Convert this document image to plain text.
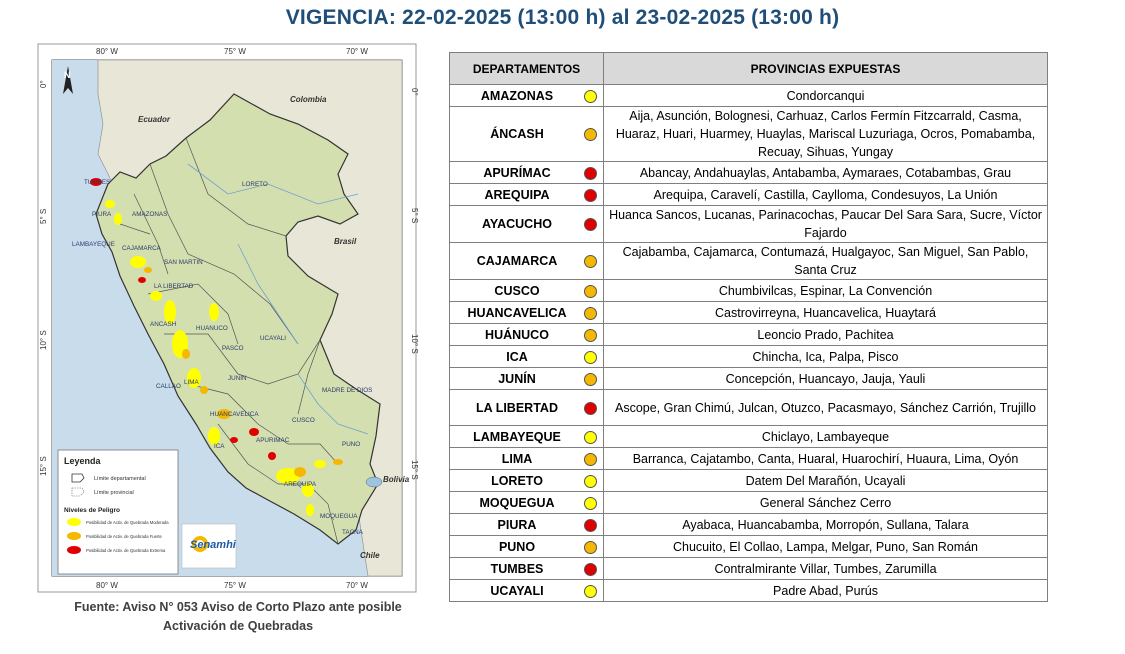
VIGENCIA: 22-02-2025 (13:00 h) al 23-02-2025 (13:00 h)
80° W	75° W	70° W
80° W	75° W	70° W
0°
5° S
10° S
15° S
0°
5° S
10° S
15° S
N
Colombia
Ecuador
Brasil
Bolivia
Chile
TUMBES
PIURA	AMAZONAS
LAMBAYEQUE
CAJAMARCA
SAN MARTIN
LA LIBERTAD
LORETO
ANCASH
HUANUCO
UCAYALI
PASCO
CALLAO
LIMA
JUNIN
MADRE DE DIOS
HUANCAVELICA
CUSCO
ICA
APURIMAC
PUNO
AREQUIPA
MOQUEGUA
TACNA
Leyenda
Límite departamental
Límite provincial
Niveles de Peligro
Posibilidad de Activ. de Quebrada Moderada
Posibilidad de Activ. de Quebrada Fuerte
Posibilidad de Activ. de Quebrada Extrema Senamhi
Fuente: Aviso N° 053 Aviso de Corto Plazo ante posible
Activación de Quebradas
DEPARTAMENTOS	PROVINCIAS EXPUESTAS
AMAZONAS	Condorcanqui
ÁNCASH	Aija, Asunción, Bolognesi, Carhuaz, Carlos Fermín Fitzcarrald, Casma, Huaraz, Huari, Huarmey, Huaylas, Mariscal Luzuriaga, Ocros, Pomabamba, Recuay, Sihuas, Yungay
APURÍMAC	Abancay, Andahuaylas, Antabamba, Aymaraes, Cotabambas, Grau
AREQUIPA	Arequipa, Caravelí, Castilla, Caylloma, Condesuyos, La Unión
AYACUCHO	Huanca Sancos, Lucanas, Parinacochas, Paucar Del Sara Sara, Sucre, Víctor Fajardo
CAJAMARCA	Cajabamba, Cajamarca, Contumazá, Hualgayoc, San Miguel, San Pablo, Santa Cruz
CUSCO	Chumbivilcas, Espinar, La Convención
HUANCAVELICA	Castrovirreyna, Huancavelica, Huaytará
HUÁNUCO	Leoncio Prado, Pachitea
ICA	Chincha, Ica, Palpa, Pisco
JUNÍN	Concepción, Huancayo, Jauja, Yauli
LA LIBERTAD	Ascope, Gran Chimú, Julcan, Otuzco, Pacasmayo, Sánchez Carrión, Trujillo
LAMBAYEQUE	Chiclayo, Lambayeque
LIMA	Barranca, Cajatambo, Canta, Huaral, Huarochirí, Huaura, Lima, Oyón
LORETO	Datem Del Marañón, Ucayali
MOQUEGUA	General Sánchez Cerro
PIURA	Ayabaca, Huancabamba, Morropón, Sullana, Talara
PUNO	Chucuito, El Collao, Lampa, Melgar, Puno, San Román
TUMBES	Contralmirante Villar, Tumbes, Zarumilla
UCAYALI	Padre Abad, Purús
